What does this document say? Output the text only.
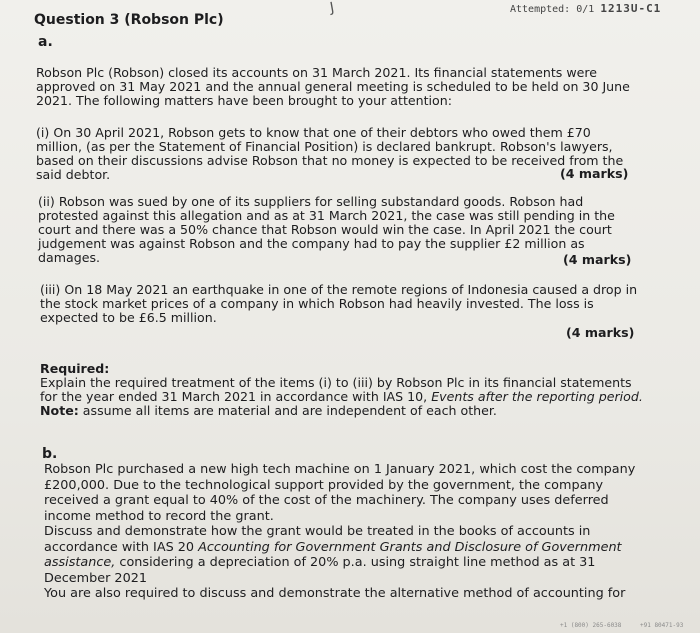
J	Attempted: 0/1 1213U-C1
Question 3 (Robson Plc)
a.

Robson Plc (Robson) closed its accounts on 31 March 2021. Its financial statements were approved on 31 May 2021 and the annual general meeting is scheduled to be held on 30 June 2021. The following matters have been brought to your attention:

(i) On 30 April 2021, Robson gets to know that one of their debtors who owed them £70 million, (as per the Statement of Financial Position) is declared bankrupt. Robson's lawyers, based on their discussions advise Robson that no money is expected to be received from the said debtor.	(4 marks)

(ii) Robson was sued by one of its suppliers for selling substandard goods. Robson had protested against this allegation and as at 31 March 2021, the case was still pending in the court and there was a 50% chance that Robson would win the case. In April 2021 the court judgement was against Robson and the company had to pay the supplier £2 million as damages.	(4 marks)

(iii) On 18 May 2021 an earthquake in one of the remote regions of Indonesia caused a drop in the stock market prices of a company in which Robson had heavily invested. The loss is expected to be £6.5 million.

(4 marks)
Required:
Explain the required treatment of the items (i) to (iii) by Robson Plc in its financial statements for the year ended 31 March 2021 in accordance with IAS 10, Events after the reporting period.
Note: assume all items are material and are independent of each other.
b.
Robson Plc purchased a new high tech machine on 1 January 2021, which cost the company £200,000. Due to the technological support provided by the government, the company received a grant equal to 40% of the cost of the machinery. The company uses deferred income method to record the grant.
Discuss and demonstrate how the grant would be treated in the books of accounts in accordance with IAS 20 Accounting for Government Grants and Disclosure of Government assistance, considering a depreciation of 20% p.a. using straight line method as at 31 December 2021
You are also required to discuss and demonstrate the alternative method of accounting for
+1 (800) 265-6038	+91 80471-93
